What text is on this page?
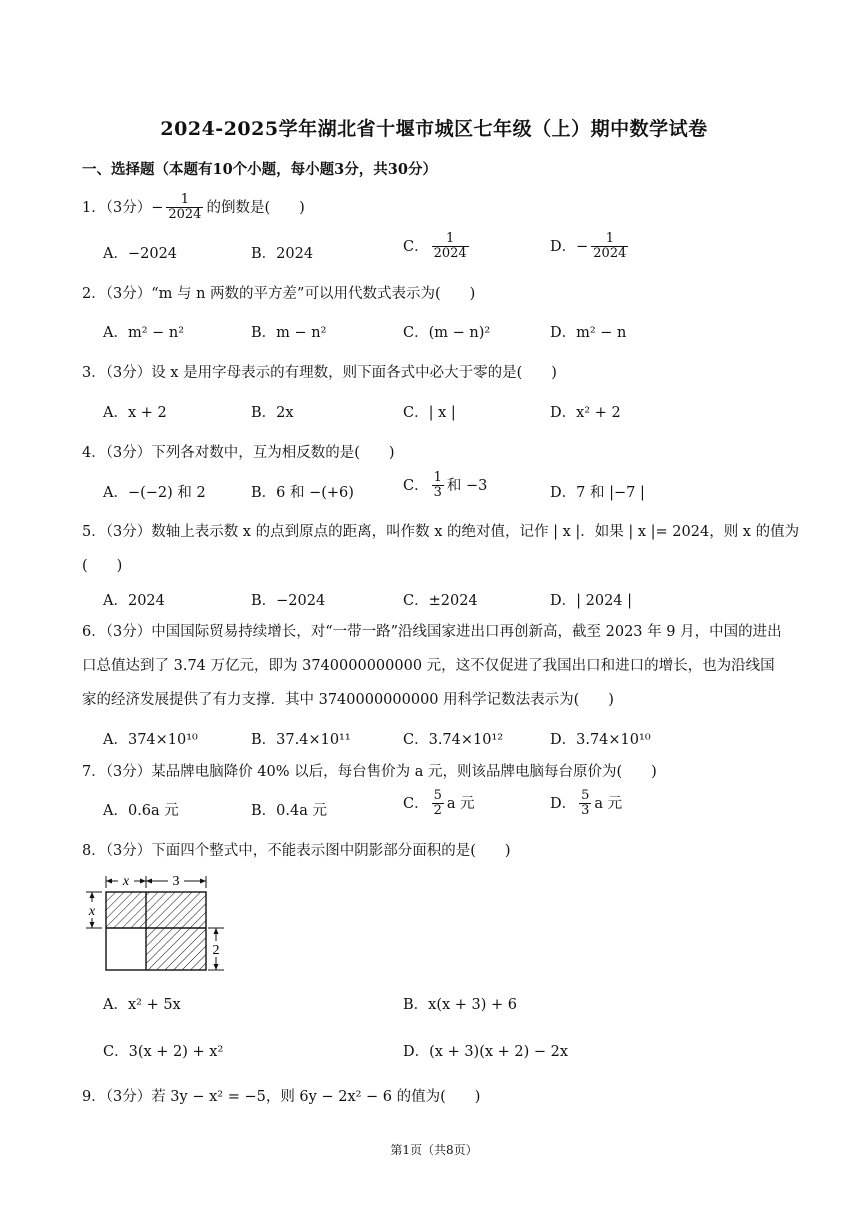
2024-2025学年湖北省十堰市城区七年级（上）期中数学试卷
一、选择题（本题有10个小题，每小题3分，共30分）
1．（3分）− $\frac{1}{2024}$ 的倒数是(　　)
A．−2024	B．2024	C． $\frac{1}{2024}$	D．− $\frac{1}{2024}$
2．（3分）“m 与 n 两数的平方差”可以用代数式表示为(　　)
A．m² − n²	B．m − n²	C．(m − n)²	D．m² − n
3．（3分）设 x 是用字母表示的有理数，则下面各式中必大于零的是(　　)
A．x + 2	B．2x	C．| x |	D．x² + 2
4．（3分）下列各对数中，互为相反数的是(　　)
A．−(−2) 和 2	B．6 和 −(+6)	C． $\frac{1}{3}$ 和 −3	D．7 和 |−7 |
5．（3分）数轴上表示数 x 的点到原点的距离，叫作数 x 的绝对值，记作 | x |．如果 | x |= 2024，则 x 的值为
(　　)
A．2024	B．−2024	C．±2024	D．| 2024 |
6．（3分）中国国际贸易持续增长，对“一带一路”沿线国家进出口再创新高，截至 2023 年 9 月，中国的进出口总值达到了 3.74 万亿元，即为 3740000000000 元，这不仅促进了我国出口和进口的增长，也为沿线国家的经济发展提供了有力支撑．其中 3740000000000 用科学记数法表示为(　　)
A．374×10¹⁰	B．37.4×10¹¹	C．3.74×10¹²	D．3.74×10¹⁰
7．（3分）某品牌电脑降价 40% 以后，每台售价为 a 元，则该品牌电脑每台原价为(　　)
A．0.6a 元	B．0.4a 元	C． $\frac{5}{2}$ a 元	D． $\frac{5}{3}$ a 元
8．（3分）下面四个整式中，不能表示图中阴影部分面积的是(　　)
x	3
x
2
A．x² + 5x	B．x(x + 3) + 6
C．3(x + 2) + x²	D．(x + 3)(x + 2) − 2x
9．（3分）若 3y − x² = −5，则 6y − 2x² − 6 的值为(　　)
第1页（共8页）
